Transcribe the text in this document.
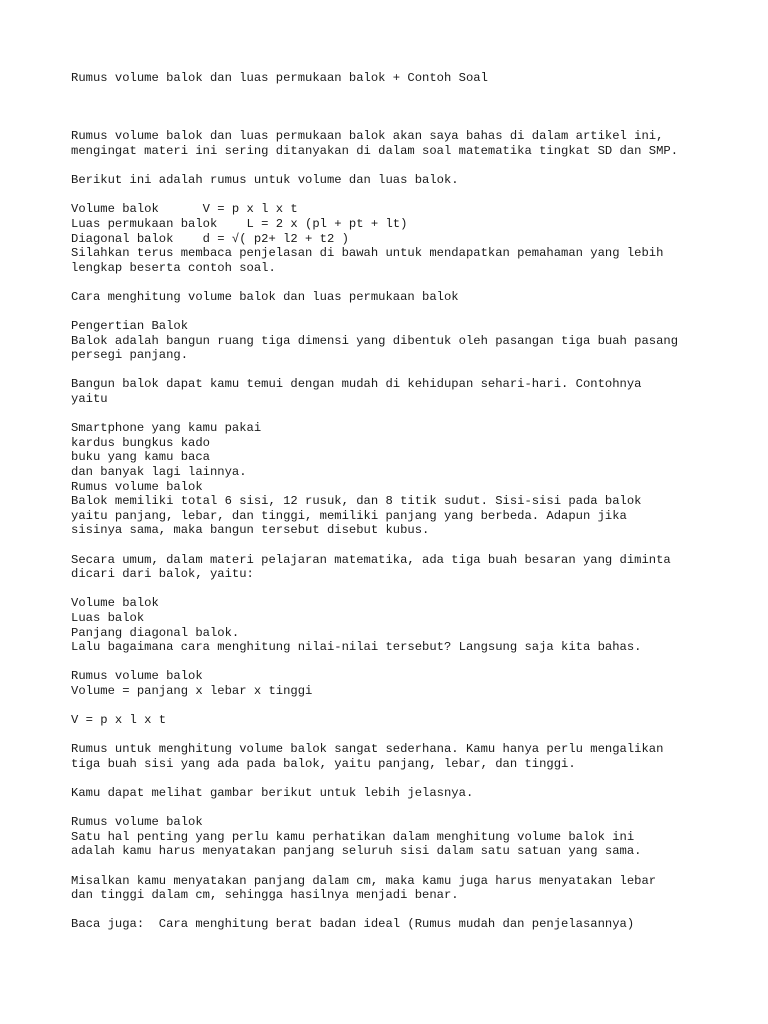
Rumus volume balok dan luas permukaan balok + Contoh Soal

Rumus volume balok dan luas permukaan balok akan saya bahas di dalam artikel ini,
mengingat materi ini sering ditanyakan di dalam soal matematika tingkat SD dan SMP.

Berikut ini adalah rumus untuk volume dan luas balok.

Volume balok      V = p x l x t
Luas permukaan balok    L = 2 x (pl + pt + lt)
Diagonal balok    d = √( p2+ l2 + t2 )
Silahkan terus membaca penjelasan di bawah untuk mendapatkan pemahaman yang lebih
lengkap beserta contoh soal.

Cara menghitung volume balok dan luas permukaan balok

Pengertian Balok
Balok adalah bangun ruang tiga dimensi yang dibentuk oleh pasangan tiga buah pasang
persegi panjang.

Bangun balok dapat kamu temui dengan mudah di kehidupan sehari-hari. Contohnya
yaitu

Smartphone yang kamu pakai
kardus bungkus kado
buku yang kamu baca
dan banyak lagi lainnya.
Rumus volume balok
Balok memiliki total 6 sisi, 12 rusuk, dan 8 titik sudut. Sisi-sisi pada balok
yaitu panjang, lebar, dan tinggi, memiliki panjang yang berbeda. Adapun jika
sisinya sama, maka bangun tersebut disebut kubus.

Secara umum, dalam materi pelajaran matematika, ada tiga buah besaran yang diminta
dicari dari balok, yaitu:

Volume balok
Luas balok
Panjang diagonal balok.
Lalu bagaimana cara menghitung nilai-nilai tersebut? Langsung saja kita bahas.

Rumus volume balok
Volume = panjang x lebar x tinggi

V = p x l x t

Rumus untuk menghitung volume balok sangat sederhana. Kamu hanya perlu mengalikan
tiga buah sisi yang ada pada balok, yaitu panjang, lebar, dan tinggi.

Kamu dapat melihat gambar berikut untuk lebih jelasnya.

Rumus volume balok
Satu hal penting yang perlu kamu perhatikan dalam menghitung volume balok ini
adalah kamu harus menyatakan panjang seluruh sisi dalam satu satuan yang sama.

Misalkan kamu menyatakan panjang dalam cm, maka kamu juga harus menyatakan lebar
dan tinggi dalam cm, sehingga hasilnya menjadi benar.

Baca juga:  Cara menghitung berat badan ideal (Rumus mudah dan penjelasannya)
